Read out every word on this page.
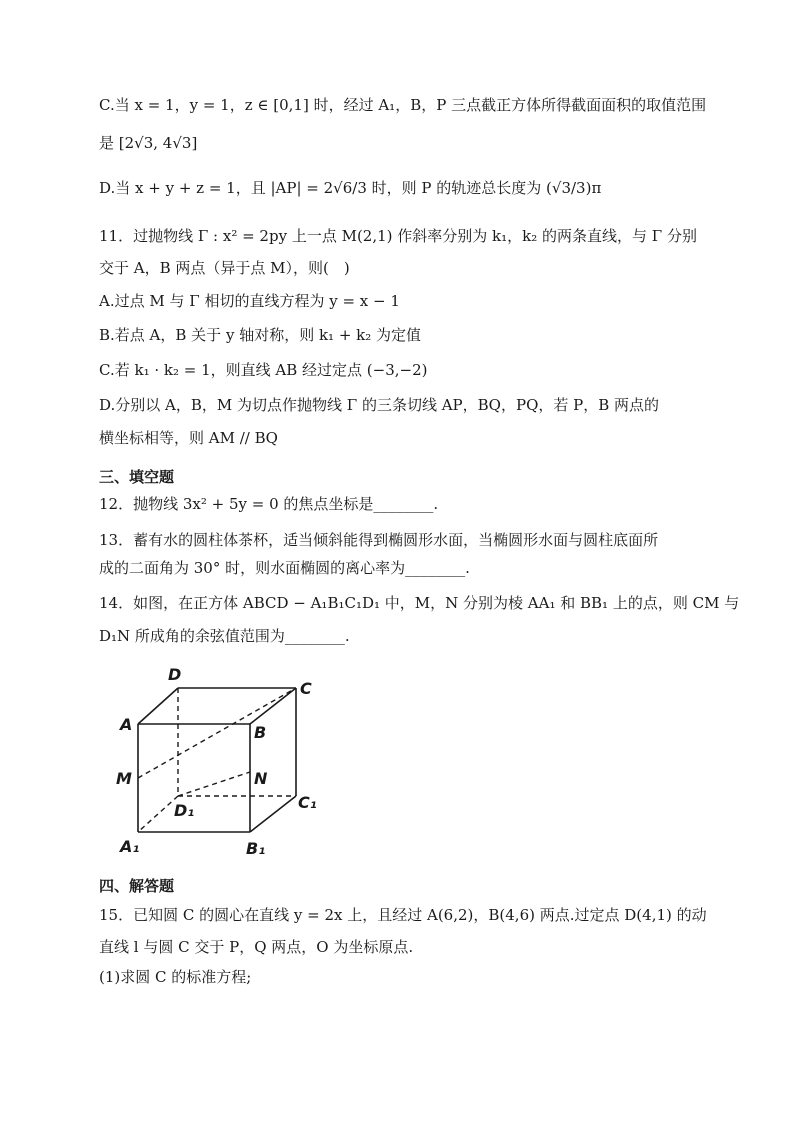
C.当 x = 1，y = 1，z ∈ [0,1] 时，经过 A₁，B，P 三点截正方体所得截面面积的取值范围
是 [2√3, 4√3]
D.当 x + y + z = 1，且 |AP| = 2√6/3 时，则 P 的轨迹总长度为 (√3/3)π
11．过抛物线 Γ : x² = 2py 上一点 M(2,1) 作斜率分别为 k₁，k₂ 的两条直线，与 Γ 分别
交于 A，B 两点（异于点 M），则(　)
A.过点 M 与 Γ 相切的直线方程为 y = x − 1
B.若点 A，B 关于 y 轴对称，则 k₁ + k₂ 为定值
C.若 k₁ · k₂ = 1，则直线 AB 经过定点 (−3,−2)
D.分别以 A，B，M 为切点作抛物线 Γ 的三条切线 AP，BQ，PQ，若 P，B 两点的
横坐标相等，则 AM // BQ
三、填空题
12．抛物线 3x² + 5y = 0 的焦点坐标是________.
13．蓄有水的圆柱体茶杯，适当倾斜能得到椭圆形水面，当椭圆形水面与圆柱底面所
成的二面角为 30° 时，则水面椭圆的离心率为________.
14．如图，在正方体 ABCD − A₁B₁C₁D₁ 中，M，N 分别为棱 AA₁ 和 BB₁ 上的点，则 CM 与
D₁N 所成角的余弦值范围为________.
D
C
A	B
M	N
D₁	C₁
A₁	B₁
四、解答题
15．已知圆 C 的圆心在直线 y = 2x 上，且经过 A(6,2)，B(4,6) 两点.过定点 D(4,1) 的动
直线 l 与圆 C 交于 P，Q 两点，O 为坐标原点.
(1)求圆 C 的标准方程;
